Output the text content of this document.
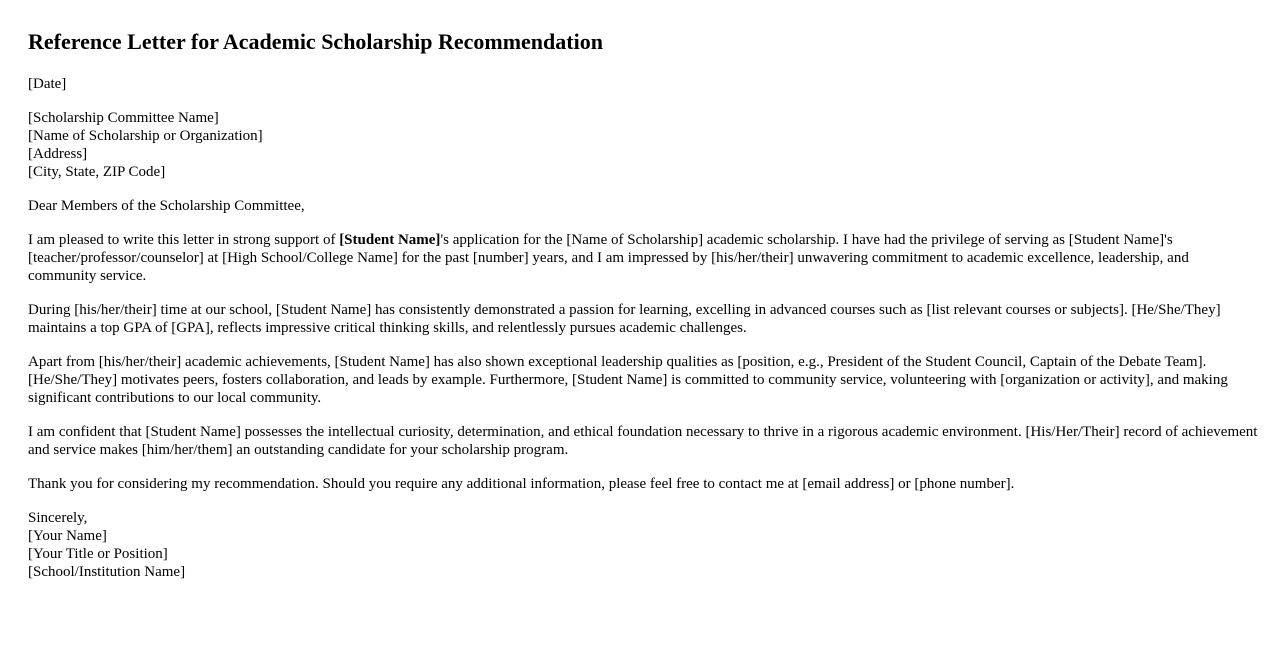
Reference Letter for Academic Scholarship Recommendation

[Date]

[Scholarship Committee Name]
[Name of Scholarship or Organization]
[Address]
[City, State, ZIP Code]

Dear Members of the Scholarship Committee,

I am pleased to write this letter in strong support of [Student Name]'s application for the [Name of Scholarship] academic scholarship. I have had the privilege of serving as [Student Name]'s [teacher/professor/counselor] at [High School/College Name] for the past [number] years, and I am impressed by [his/her/their] unwavering commitment to academic excellence, leadership, and community service.

During [his/her/their] time at our school, [Student Name] has consistently demonstrated a passion for learning, excelling in advanced courses such as [list relevant courses or subjects]. [He/She/They] maintains a top GPA of [GPA], reflects impressive critical thinking skills, and relentlessly pursues academic challenges.

Apart from [his/her/their] academic achievements, [Student Name] has also shown exceptional leadership qualities as [position, e.g., President of the Student Council, Captain of the Debate Team]. [He/She/They] motivates peers, fosters collaboration, and leads by example. Furthermore, [Student Name] is committed to community service, volunteering with [organization or activity], and making significant contributions to our local community.

I am confident that [Student Name] possesses the intellectual curiosity, determination, and ethical foundation necessary to thrive in a rigorous academic environment. [His/Her/Their] record of achievement and service makes [him/her/them] an outstanding candidate for your scholarship program.

Thank you for considering my recommendation. Should you require any additional information, please feel free to contact me at [email address] or [phone number].

Sincerely,
[Your Name]
[Your Title or Position]
[School/Institution Name]
